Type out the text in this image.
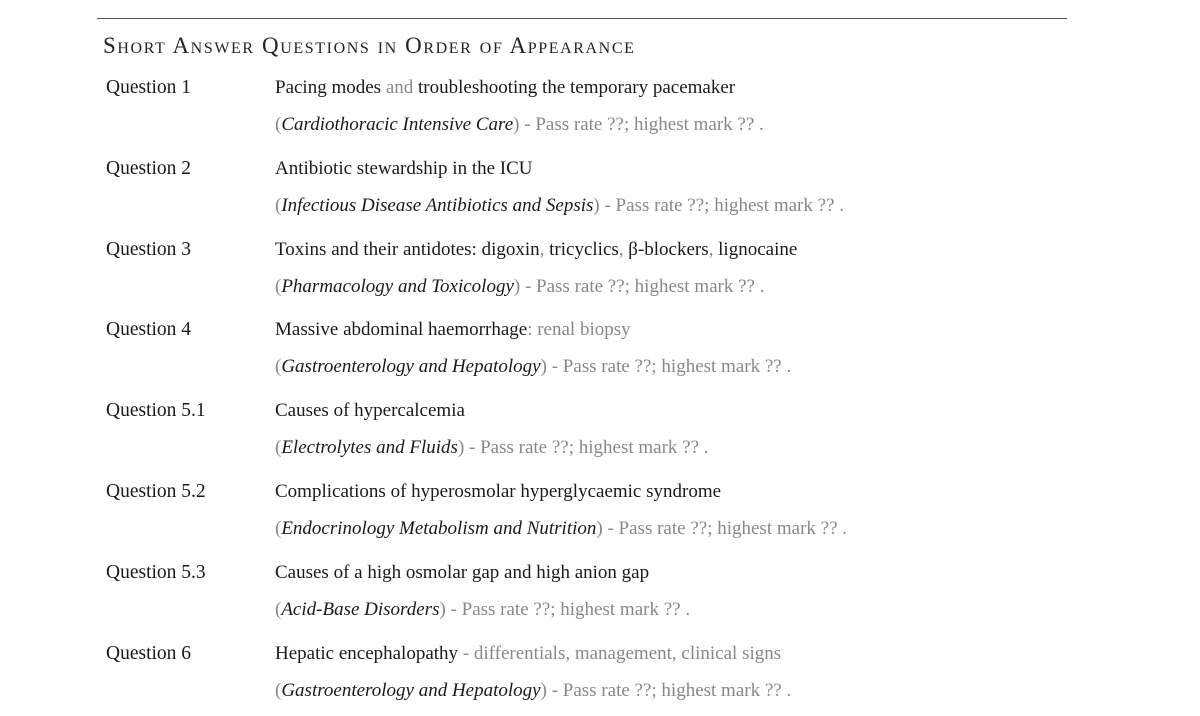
Short Answer Questions in Order of Appearance
Question 1	Pacing modes and troubleshooting the temporary pacemaker
(Cardiothoracic Intensive Care) - Pass rate ??; highest mark ?? .
Question 2	Antibiotic stewardship in the ICU
(Infectious Disease Antibiotics and Sepsis) - Pass rate ??; highest mark ?? .
Question 3	Toxins and their antidotes: digoxin, tricyclics, β-blockers, lignocaine
(Pharmacology and Toxicology) - Pass rate ??; highest mark ?? .
Question 4	Massive abdominal haemorrhage: renal biopsy
(Gastroenterology and Hepatology) - Pass rate ??; highest mark ?? .
Question 5.1	Causes of hypercalcemia
(Electrolytes and Fluids) - Pass rate ??; highest mark ?? .
Question 5.2	Complications of hyperosmolar hyperglycaemic syndrome
(Endocrinology Metabolism and Nutrition) - Pass rate ??; highest mark ?? .
Question 5.3	Causes of a high osmolar gap and high anion gap
(Acid-Base Disorders) - Pass rate ??; highest mark ?? .
Question 6	Hepatic encephalopathy - differentials, management, clinical signs
(Gastroenterology and Hepatology) - Pass rate ??; highest mark ?? .
